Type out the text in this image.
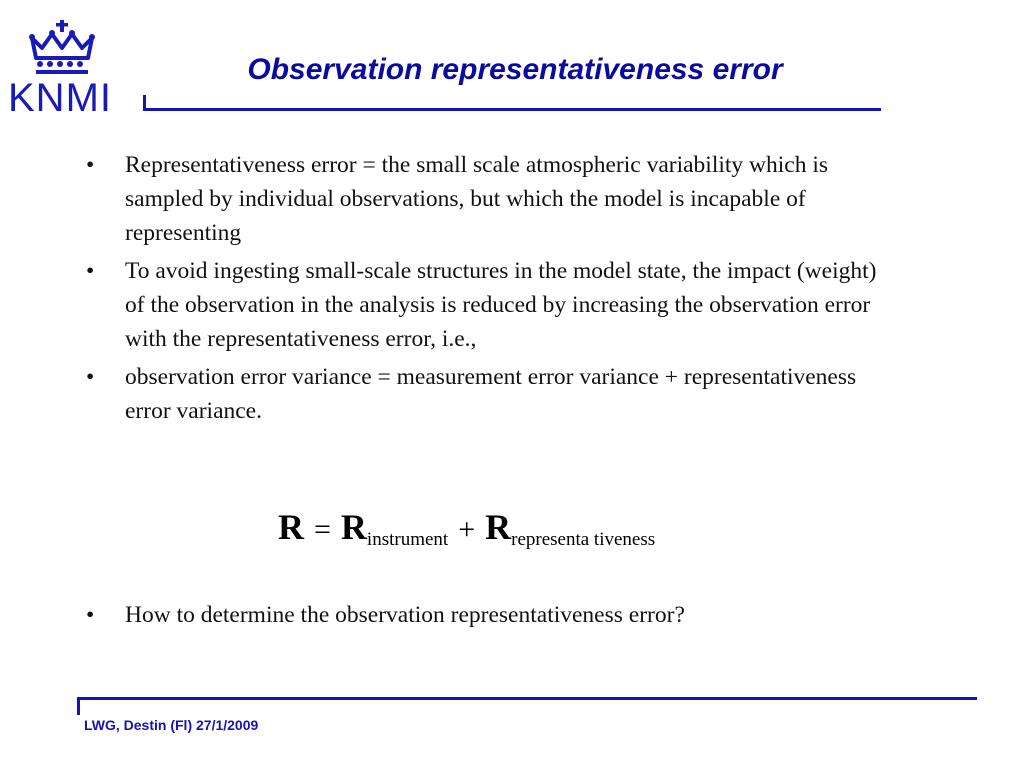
KNMI
Observation representativeness error
• Representativeness error = the small scale atmospheric variability which is sampled by individual observations, but which the model is incapable of representing
• To avoid ingesting small-scale structures in the model state, the impact (weight) of the observation in the analysis is reduced by increasing the observation error with the representativeness error, i.e.,
• observation error variance = measurement error variance + representativeness error variance.
R = Rinstrument + Rrepresenta tiveness
• How to determine the observation representativeness error?
LWG, Destin (Fl) 27/1/2009
